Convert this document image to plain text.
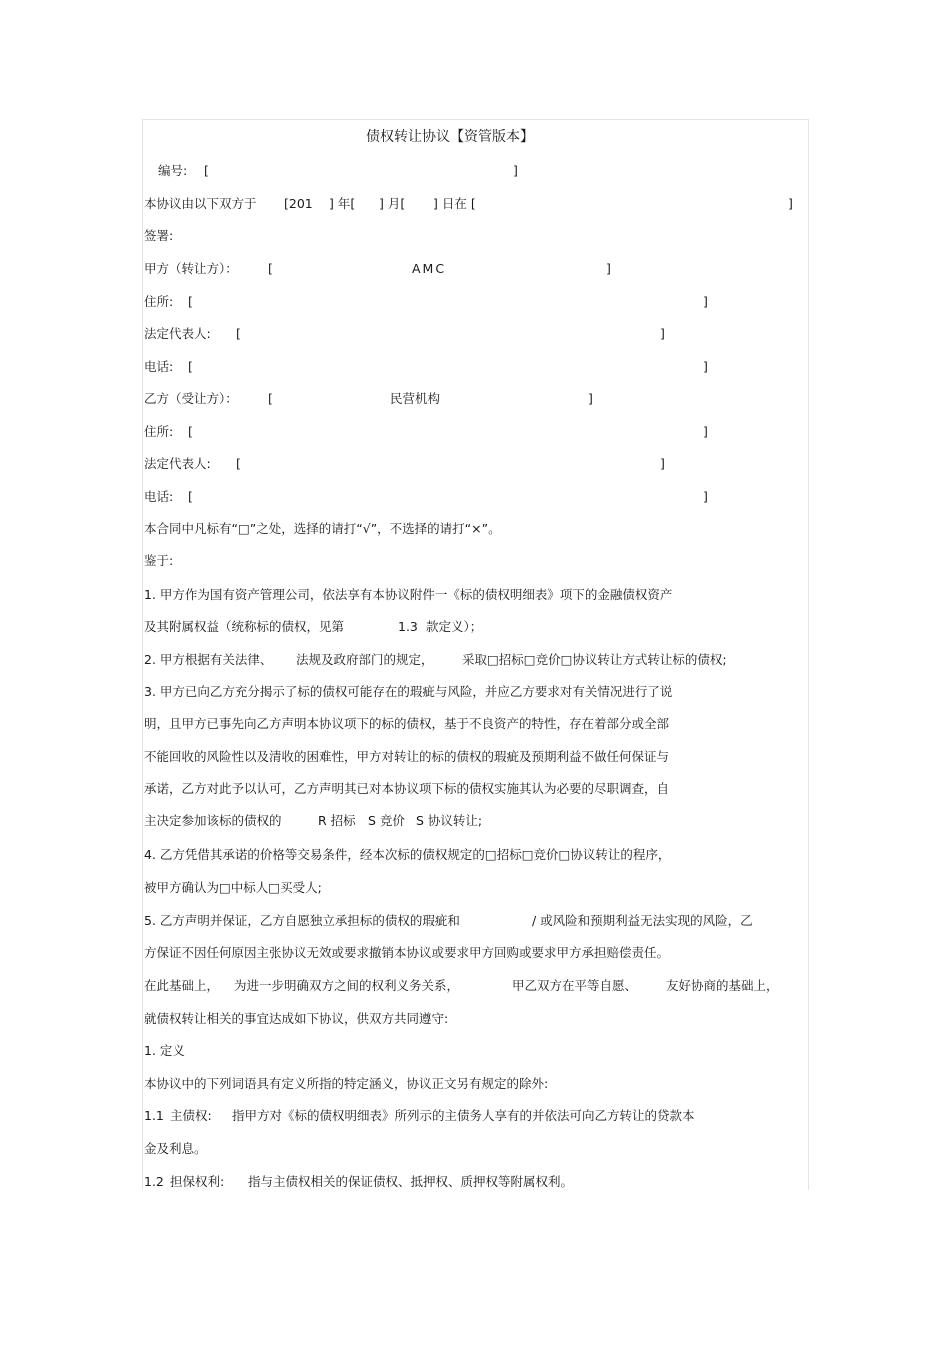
债权转让协议【资管版本】
编号: [	]
本协议由以下双方于 [201 ] 年[ ] 月[ ] 日在 [	]
签署:
甲方（转让方）： [	AMC	]
住所: [	]
法定代表人: [	]
电话: [	]
乙方（受让方）： [	民营机构	]
住所: [	]
法定代表人: [	]
电话: [	]
本合同中凡标有“□”之处，选择的请打“√”，不选择的请打“×”。
鉴于:
1. 甲方作为国有资产管理公司，依法享有本协议附件一《标的债权明细表》项下的金融债权资产
及其附属权益（统称标的债权，见第	1.3 款定义）；
2. 甲方根据有关法律、 法规及政府部门的规定， 采取□招标□竞价□协议转让方式转让标的债权;
3. 甲方已向乙方充分揭示了标的债权可能存在的瑕疵与风险，并应乙方要求对有关情况进行了说
明，且甲方已事先向乙方声明本协议项下的标的债权，基于不良资产的特性，存在着部分或全部
不能回收的风险性以及清收的困难性，甲方对转让的标的债权的瑕疵及预期利益不做任何保证与
承诺，乙方对此予以认可，乙方声明其已对本协议项下标的债权实施其认为必要的尽职调查，自
主决定参加该标的债权的	R 招标 S 竞价 S 协议转让;
4. 乙方凭借其承诺的价格等交易条件，经本次标的债权规定的□招标□竞价□协议转让的程序，
被甲方确认为□中标人□买受人;
5. 乙方声明并保证，乙方自愿独立承担标的债权的瑕疵和	/ 或风险和预期利益无法实现的风险，乙
方保证不因任何原因主张协议无效或要求撤销本协议或要求甲方回购或要求甲方承担赔偿责任。
在此基础上， 为进一步明确双方之间的权利义务关系，	甲乙双方在平等自愿、 友好协商的基础上，
就债权转让相关的事宜达成如下协议，供双方共同遵守:
1. 定义
本协议中的下列词语具有定义所指的特定涵义，协议正文另有规定的除外:
1.1 主债权: 指甲方对《标的债权明细表》所列示的主债务人享有的并依法可向乙方转让的贷款本
金及利息。
1.2 担保权利: 指与主债权相关的保证债权、抵押权、质押权等附属权利。
